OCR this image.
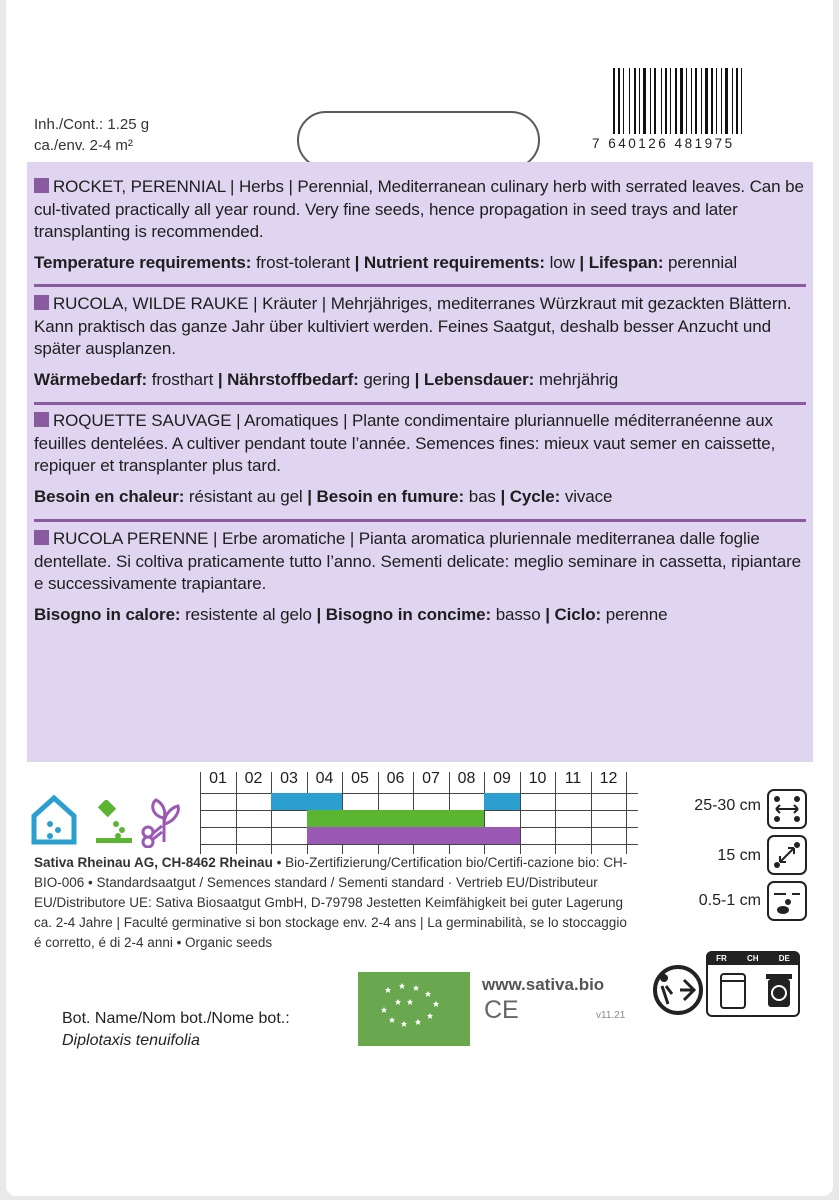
Inh./Cont.: 1.25 g
ca./env. 2-4 m²	7 640126 481975
ROCKET, PERENNIAL | Herbs | Perennial, Mediterranean culinary herb with serrated leaves. Can be cul-tivated practically all year round. Very fine seeds, hence propagation in seed trays and later transplanting is recommended.
Temperature requirements: frost-tolerant | Nutrient requirements: low | Lifespan: perennial
RUCOLA, WILDE RAUKE | Kräuter | Mehrjähriges, mediterranes Würzkraut mit gezackten Blättern. Kann praktisch das ganze Jahr über kultiviert werden. Feines Saatgut, deshalb besser Anzucht und später ausplanzen.
Wärmebedarf: frosthart | Nährstoffbedarf: gering | Lebensdauer: mehrjährig
ROQUETTE SAUVAGE | Aromatiques | Plante condimentaire pluriannuelle méditerranéenne aux feuilles dentelées. A cultiver pendant toute l’année. Semences fines: mieux vaut semer en caissette, repiquer et transplanter plus tard.
Besoin en chaleur: résistant au gel | Besoin en fumure: bas | Cycle: vivace
RUCOLA PERENNE | Erbe aromatiche | Pianta aromatica pluriennale mediterranea dalle foglie dentellate. Si coltiva praticamente tutto l’anno. Sementi delicate: meglio seminare in cassetta, ripiantare e successivamente trapiantare.
Bisogno in calore: resistente al gelo | Bisogno in concime: basso | Ciclo: perenne
01	02	03	04	05	06	07	08	09	10	11	12
25-30 cm
15 cm
0.5-1 cm
Sativa Rheinau AG, CH-8462 Rheinau • Bio-Zertifizierung/Certification bio/Certifi-cazione bio: CH-BIO-006 • Standardsaatgut / Semences standard / Sementi standard · Vertrieb EU/Distributeur EU/Distributore UE: Sativa Biosaatgut GmbH, D-79798 Jestetten Keimfähigkeit bei guter Lagerung ca. 2-4 Jahre | Faculté germinative si bon stockage env. 2-4 ans | La germinabilità, se lo stoccaggio é corretto, é di 2-4 anni • Organic seeds
www.sativa.bio
CE	v11.21
FR	CH	DE
Bot. Name/Nom bot./Nome bot.:
Diplotaxis tenuifolia
